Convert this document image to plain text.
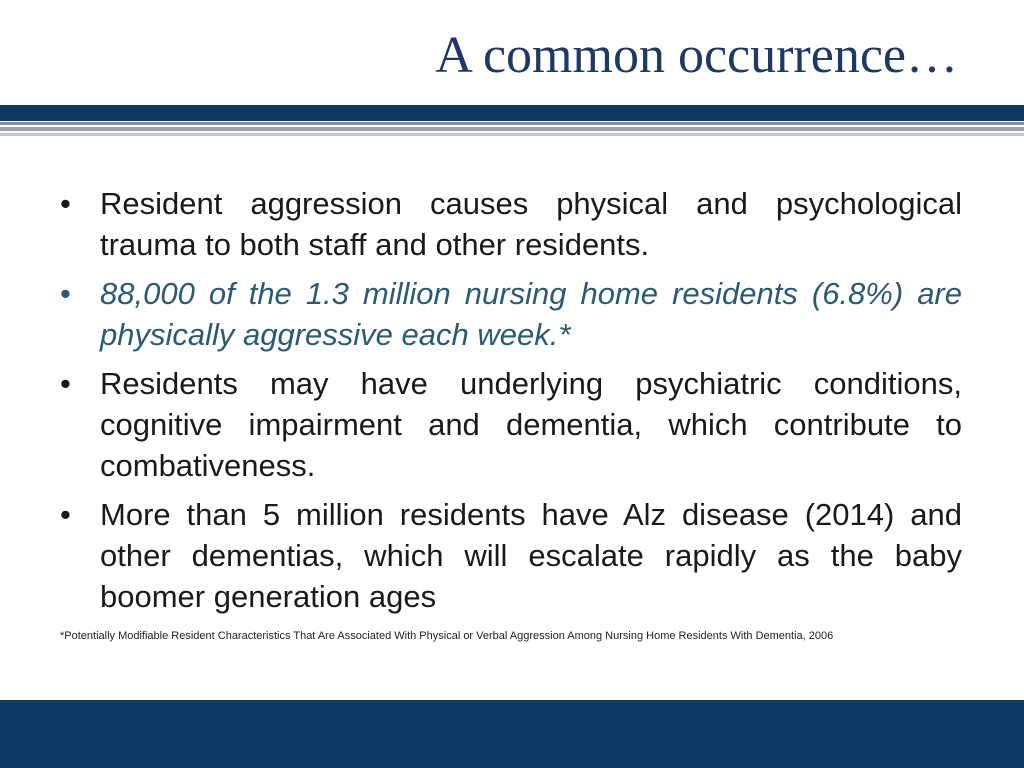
A common occurrence…
• Resident aggression causes physical and psychological trauma to both staff and other residents.
• 88,000 of the 1.3 million nursing home residents (6.8%) are physically aggressive each week.*
• Residents may have underlying psychiatric conditions, cognitive impairment and dementia, which contribute to combativeness.
• More than 5 million residents have Alz disease (2014) and other dementias, which will escalate rapidly as the baby boomer generation ages

*Potentially Modifiable Resident Characteristics That Are Associated With Physical or Verbal Aggression Among Nursing Home Residents With Dementia, 2006
